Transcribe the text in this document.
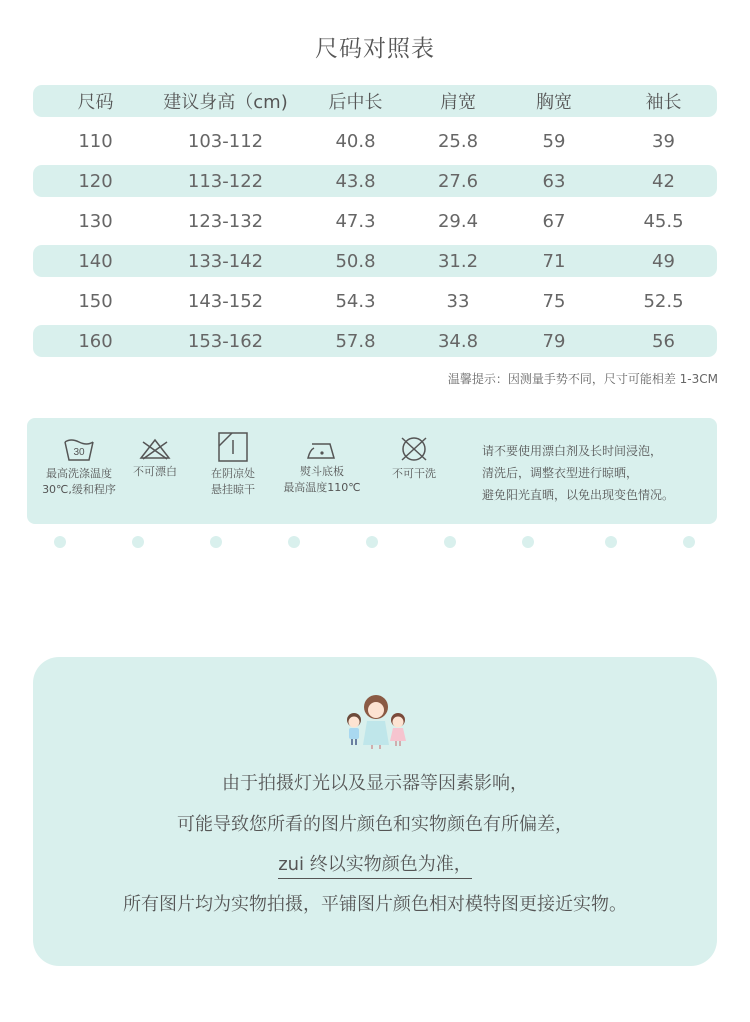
尺码对照表
尺码	建议身高（cm)	后中长	肩宽	胸宽	袖长
110	103-112	40.8	25.8	59	39
120	113-122	43.8	27.6	63	42
130	123-132	47.3	29.4	67	45.5
140	133-142	50.8	31.2	71	49
150	143-152	54.3	33	75	52.5
160	153-162	57.8	34.8	79	56
温馨提示：因测量手势不同，尺寸可能相差 1-3CM
30
最高洗涤温度
30℃,缓和程序
不可漂白	在阴凉处
悬挂晾干
熨斗底板
最高温度110℃
不可干洗
请不要使用漂白剂及长时间浸泡，
清洗后，调整衣型进行晾晒，
避免阳光直晒，以免出现变色情况。
由于拍摄灯光以及显示器等因素影响，
可能导致您所看的图片颜色和实物颜色有所偏差，
zui 终以实物颜色为准，
所有图片均为实物拍摄，平铺图片颜色相对模特图更接近实物。
